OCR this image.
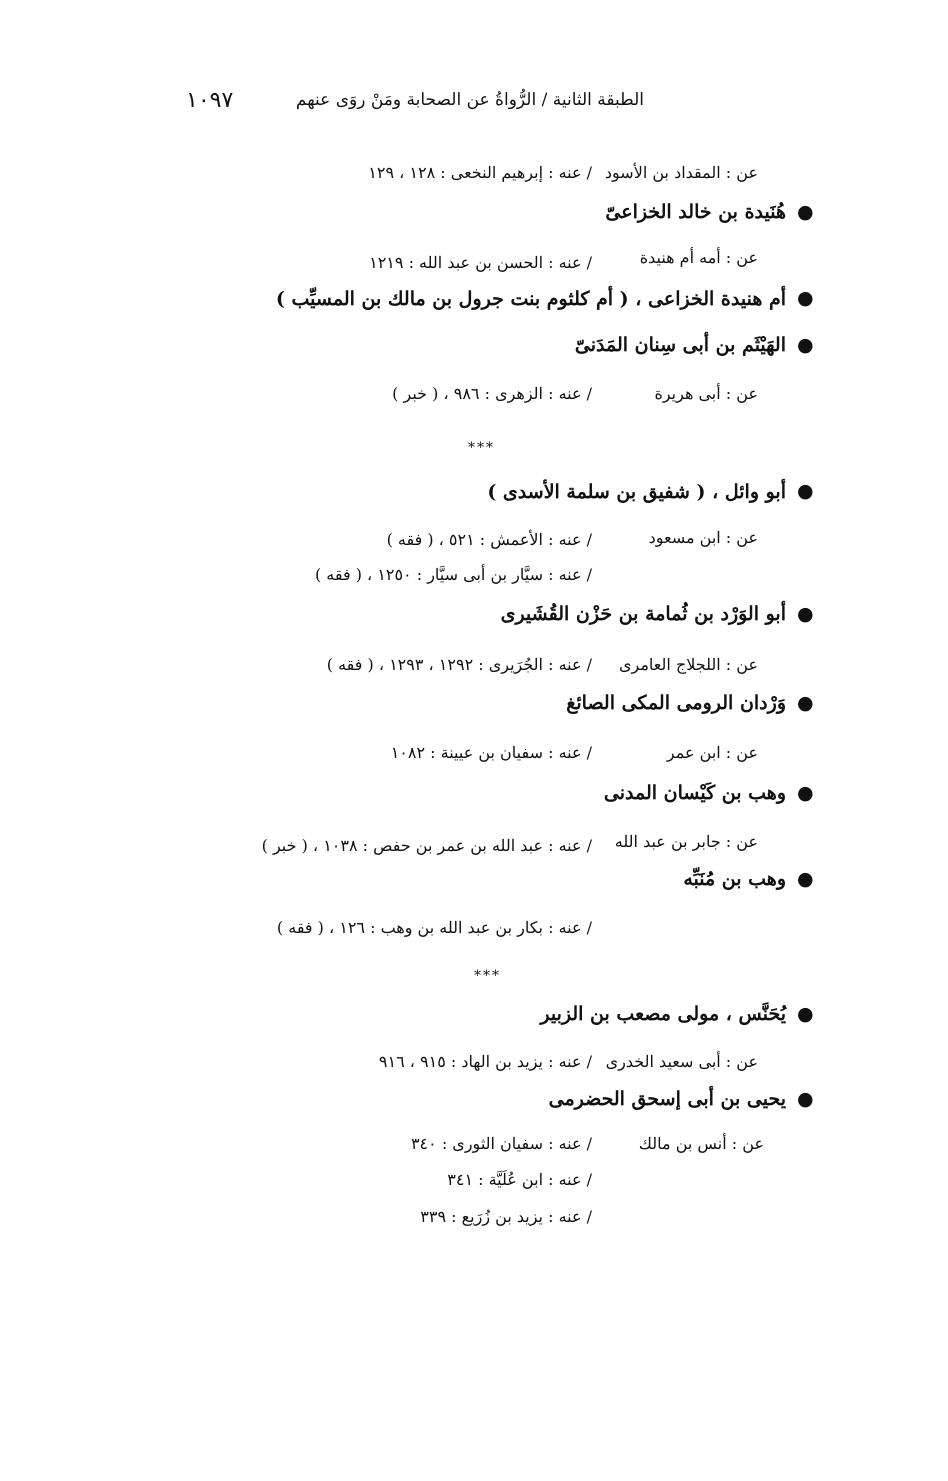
الطبقة الثانية / الرُّواةُ عن الصحابة ومَنْ روَى عنهم
١٠٩٧
عن : المقداد بن الأسود
/ عنه : إبرهيم النخعى : ١٢٨ ، ١٢٩
●
هُنَيدة بن خالد الخزاعىّ
عن : أمه أم هنيدة
/ عنه : الحسن بن عبد الله : ١٢١٩
●
أم هنيدة الخزاعى ، ( أم كلثوم بنت جرول بن مالك بن المسيِّب )
●
الهَيْثَم بن أبى سِنان المَدَنىّ
عن : أبى هريرة
/ عنه : الزهرى : ٩٨٦ ، ( خبر )
***
●
أبو وائل ، ( شفيق بن سلمة الأسدى )
عن : ابن مسعود
/ عنه : الأعمش : ٥٢١ ، ( فقه )
/ عنه : سيَّار بن أبى سيَّار : ١٢٥٠ ، ( فقه )
●
أبو الوَرْد بن ثُمامة بن حَزْن القُشَيرى
عن : اللجلاج العامرى
/ عنه : الجُرَيرى : ١٢٩٢ ، ١٢٩٣ ، ( فقه )
●
وَرْدان الرومى المكى الصائغ
عن : ابن عمر
/ عنه : سفيان بن عيينة : ١٠٨٢
●
وهب بن كَيْسان المدنى
عن : جابر بن عبد الله
/ عنه : عبد الله بن عمر بن حفص : ١٠٣٨ ، ( خبر )
●
وهب بن مُنَبِّه
/ عنه : بكار بن عبد الله بن وهب : ١٢٦ ، ( فقه )
***
●
يُحَنَّس ، مولى مصعب بن الزبير
عن : أبى سعيد الخدرى
/ عنه : يزيد بن الهاد : ٩١٥ ، ٩١٦
●
يحيى بن أبى إسحق الحضرمى
عن : أنس بن مالك
/ عنه : سفيان الثورى : ٣٤٠
/ عنه : ابن عُلَيَّة : ٣٤١
/ عنه : يزيد بن زُرَيع : ٣٣٩
